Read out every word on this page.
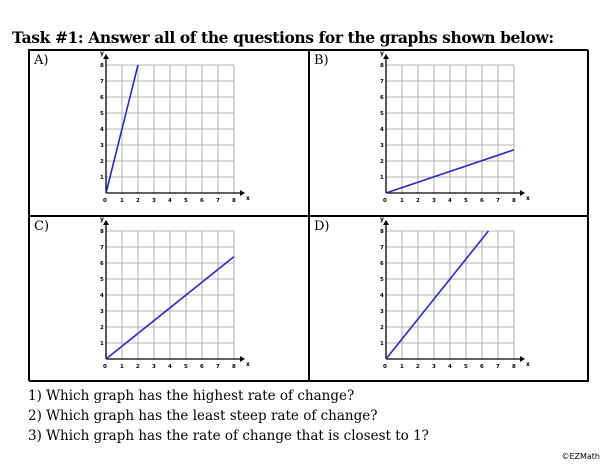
Task #1: Answer all of the questions for the graphs shown below:
A)
x
y
0 1
1
2
2
3
3
4
4
5
5
6
6
7
7
8
8	B)
x
y
0 1
1
2
2
3
3
4
4
5
5
6
6
7
7
8
8
C)
x
y
0 1
1
2
2
3
3
4
4
5
5
6
6
7
7
8
8	D)
x
y
0 1
1
2
2
3
3
4
4
5
5
6
6
7
7
8
8
1) Which graph has the highest rate of change?
2) Which graph has the least steep rate of change?
3) Which graph has the rate of change that is closest to 1?
©EZMath
